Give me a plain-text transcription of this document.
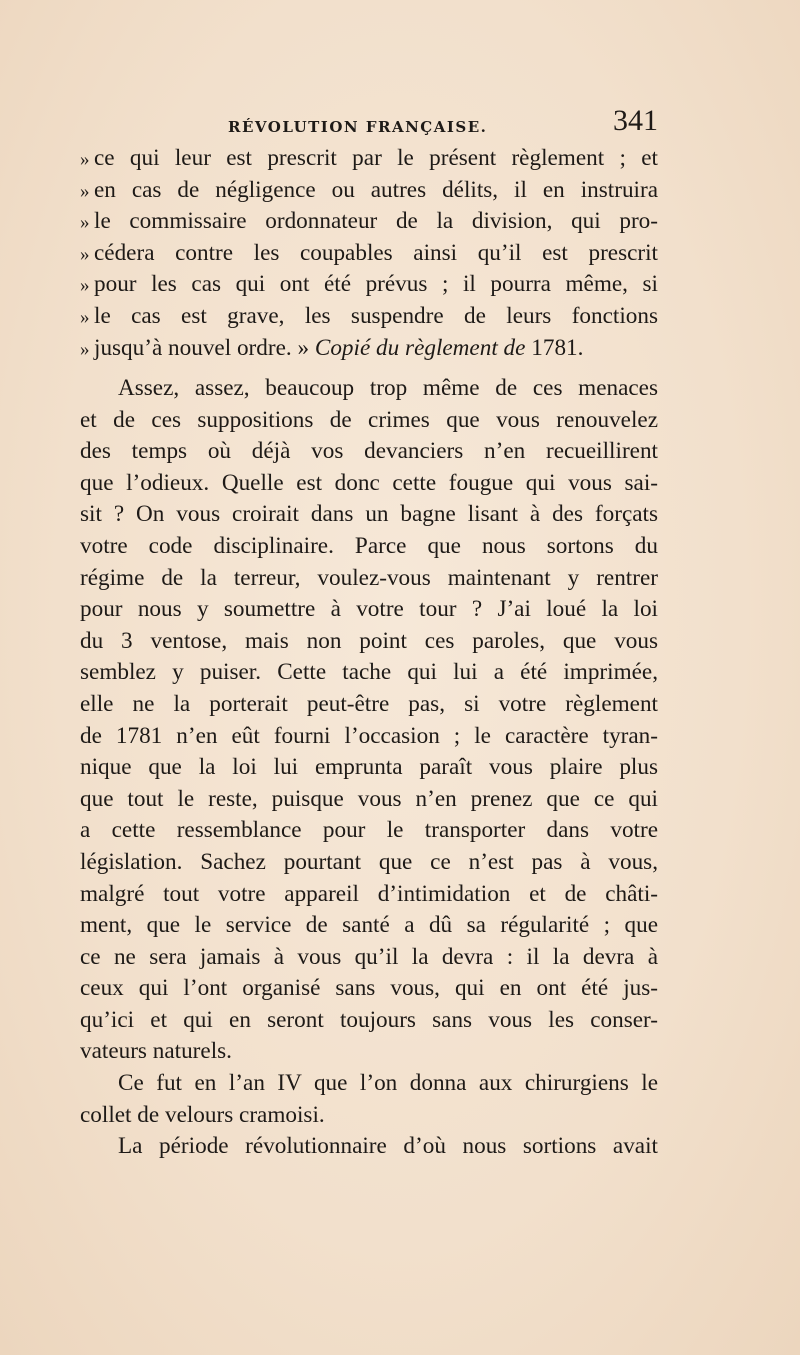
RÉVOLUTION FRANÇAISE.	341
» ce qui leur est prescrit par le présent règlement ; et
» en cas de négligence ou autres délits, il en instruira
» le commissaire ordonnateur de la division, qui pro-
» cédera contre les coupables ainsi qu’il est prescrit
» pour les cas qui ont été prévus ; il pourra même, si
» le cas est grave, les suspendre de leurs fonctions
» jusqu’à nouvel ordre. » Copié du règlement de 1781.
Assez, assez, beaucoup trop même de ces menaces
et de ces suppositions de crimes que vous renouvelez
des temps où déjà vos devanciers n’en recueillirent
que l’odieux. Quelle est donc cette fougue qui vous sai-
sit ? On vous croirait dans un bagne lisant à des forçats
votre code disciplinaire. Parce que nous sortons du
régime de la terreur, voulez-vous maintenant y rentrer
pour nous y soumettre à votre tour ? J’ai loué la loi
du 3 ventose, mais non point ces paroles, que vous
semblez y puiser. Cette tache qui lui a été imprimée,
elle ne la porterait peut-être pas, si votre règlement
de 1781 n’en eût fourni l’occasion ; le caractère tyran-
nique que la loi lui emprunta paraît vous plaire plus
que tout le reste, puisque vous n’en prenez que ce qui
a cette ressemblance pour le transporter dans votre
législation. Sachez pourtant que ce n’est pas à vous,
malgré tout votre appareil d’intimidation et de châti-
ment, que le service de santé a dû sa régularité ; que
ce ne sera jamais à vous qu’il la devra : il la devra à
ceux qui l’ont organisé sans vous, qui en ont été jus-
qu’ici et qui en seront toujours sans vous les conser-
vateurs naturels.
Ce fut en l’an IV que l’on donna aux chirurgiens le
collet de velours cramoisi.
La période révolutionnaire d’où nous sortions avait
